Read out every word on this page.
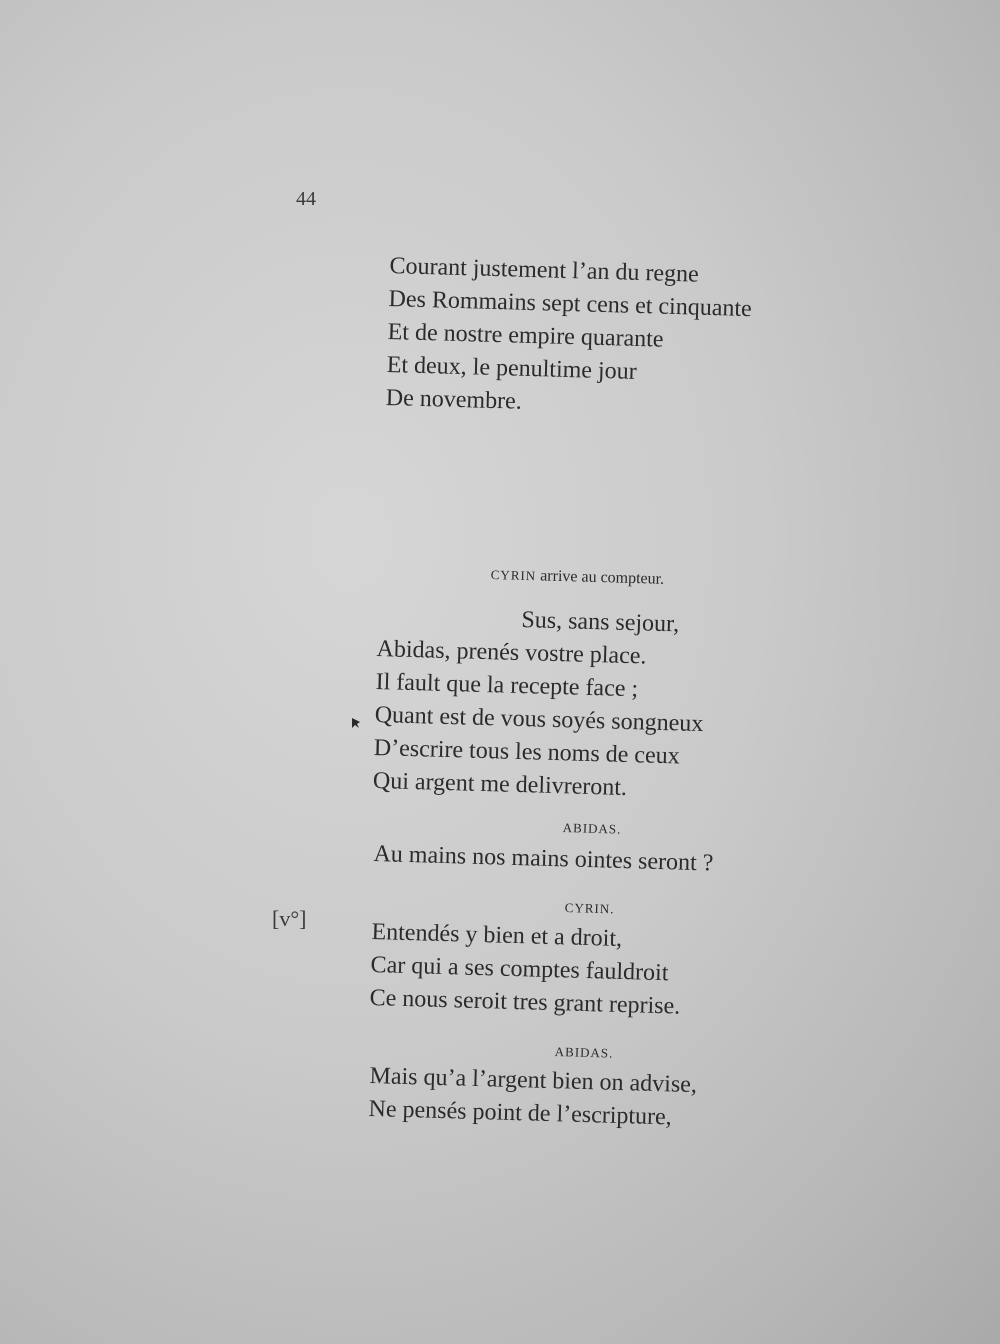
44
Courant justement l’an du regne
Des Rommains sept cens et cinquante
Et de nostre empire quarante
Et deux, le penultime jour
De novembre.
CYRIN arrive au compteur.
Sus, sans sejour,
Abidas, prenés vostre place.
Il fault que la recepte face ;
Quant est de vous soyés songneux
D’escrire tous les noms de ceux
Qui argent me delivreront.
ABIDAS.
Au mains nos mains ointes seront ?
CYRIN.
[v°]
Entendés y bien et a droit,
Car qui a ses comptes fauldroit
Ce nous seroit tres grant reprise.
ABIDAS.
Mais qu’a l’argent bien on advise,
Ne pensés point de l’escripture,
